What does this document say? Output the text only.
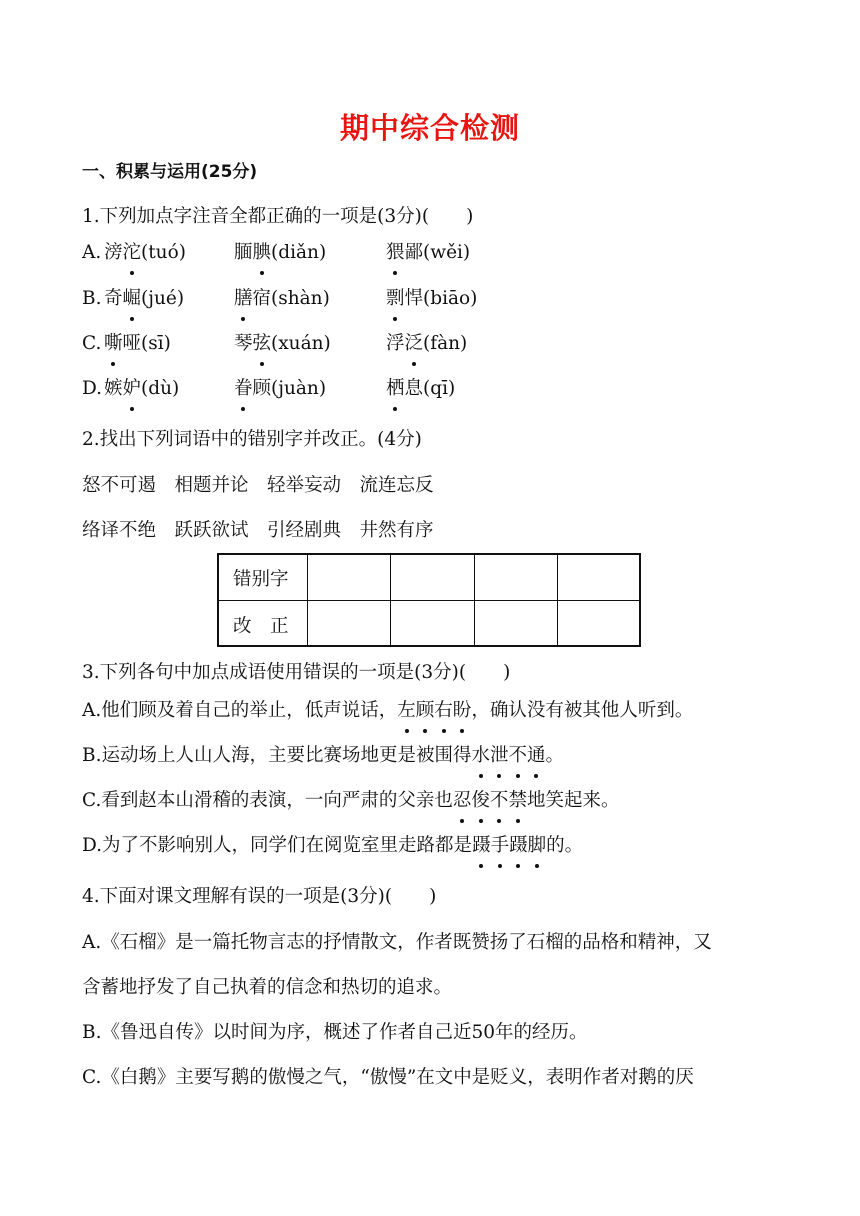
期中综合检测
一、积累与运用(25分)
1.下列加点字注音全都正确的一项是(3分)(　　)
A. 滂沱(tuó)	腼腆(diǎn)	猥鄙(wěi)
B. 奇崛(jué)	膳宿(shàn)	剽悍(biāo)
C. 嘶哑(sī)	琴弦(xuán)	浮泛(fàn)
D. 嫉妒(dù)	眷顾(juàn)	栖息(qī)
2.找出下列词语中的错别字并改正。(4分)
怒不可遏　相题并论　轻举妄动　流连忘反
络译不绝　跃跃欲试　引经剧典　井然有序
错别字
改　正
3.下列各句中加点成语使用错误的一项是(3分)(　　)
A.他们顾及着自己的举止，低声说话，左顾右盼，确认没有被其他人听到。
B.运动场上人山人海，主要比赛场地更是被围得水泄不通。
C.看到赵本山滑稽的表演，一向严肃的父亲也忍俊不禁地笑起来。
D.为了不影响别人，同学们在阅览室里走路都是蹑手蹑脚的。
4.下面对课文理解有误的一项是(3分)(　　)
A.《石榴》是一篇托物言志的抒情散文，作者既赞扬了石榴的品格和精神，又
含蓄地抒发了自己执着的信念和热切的追求。
B.《鲁迅自传》以时间为序，概述了作者自己近50年的经历。
C.《白鹅》主要写鹅的傲慢之气，“傲慢”在文中是贬义，表明作者对鹅的厌
